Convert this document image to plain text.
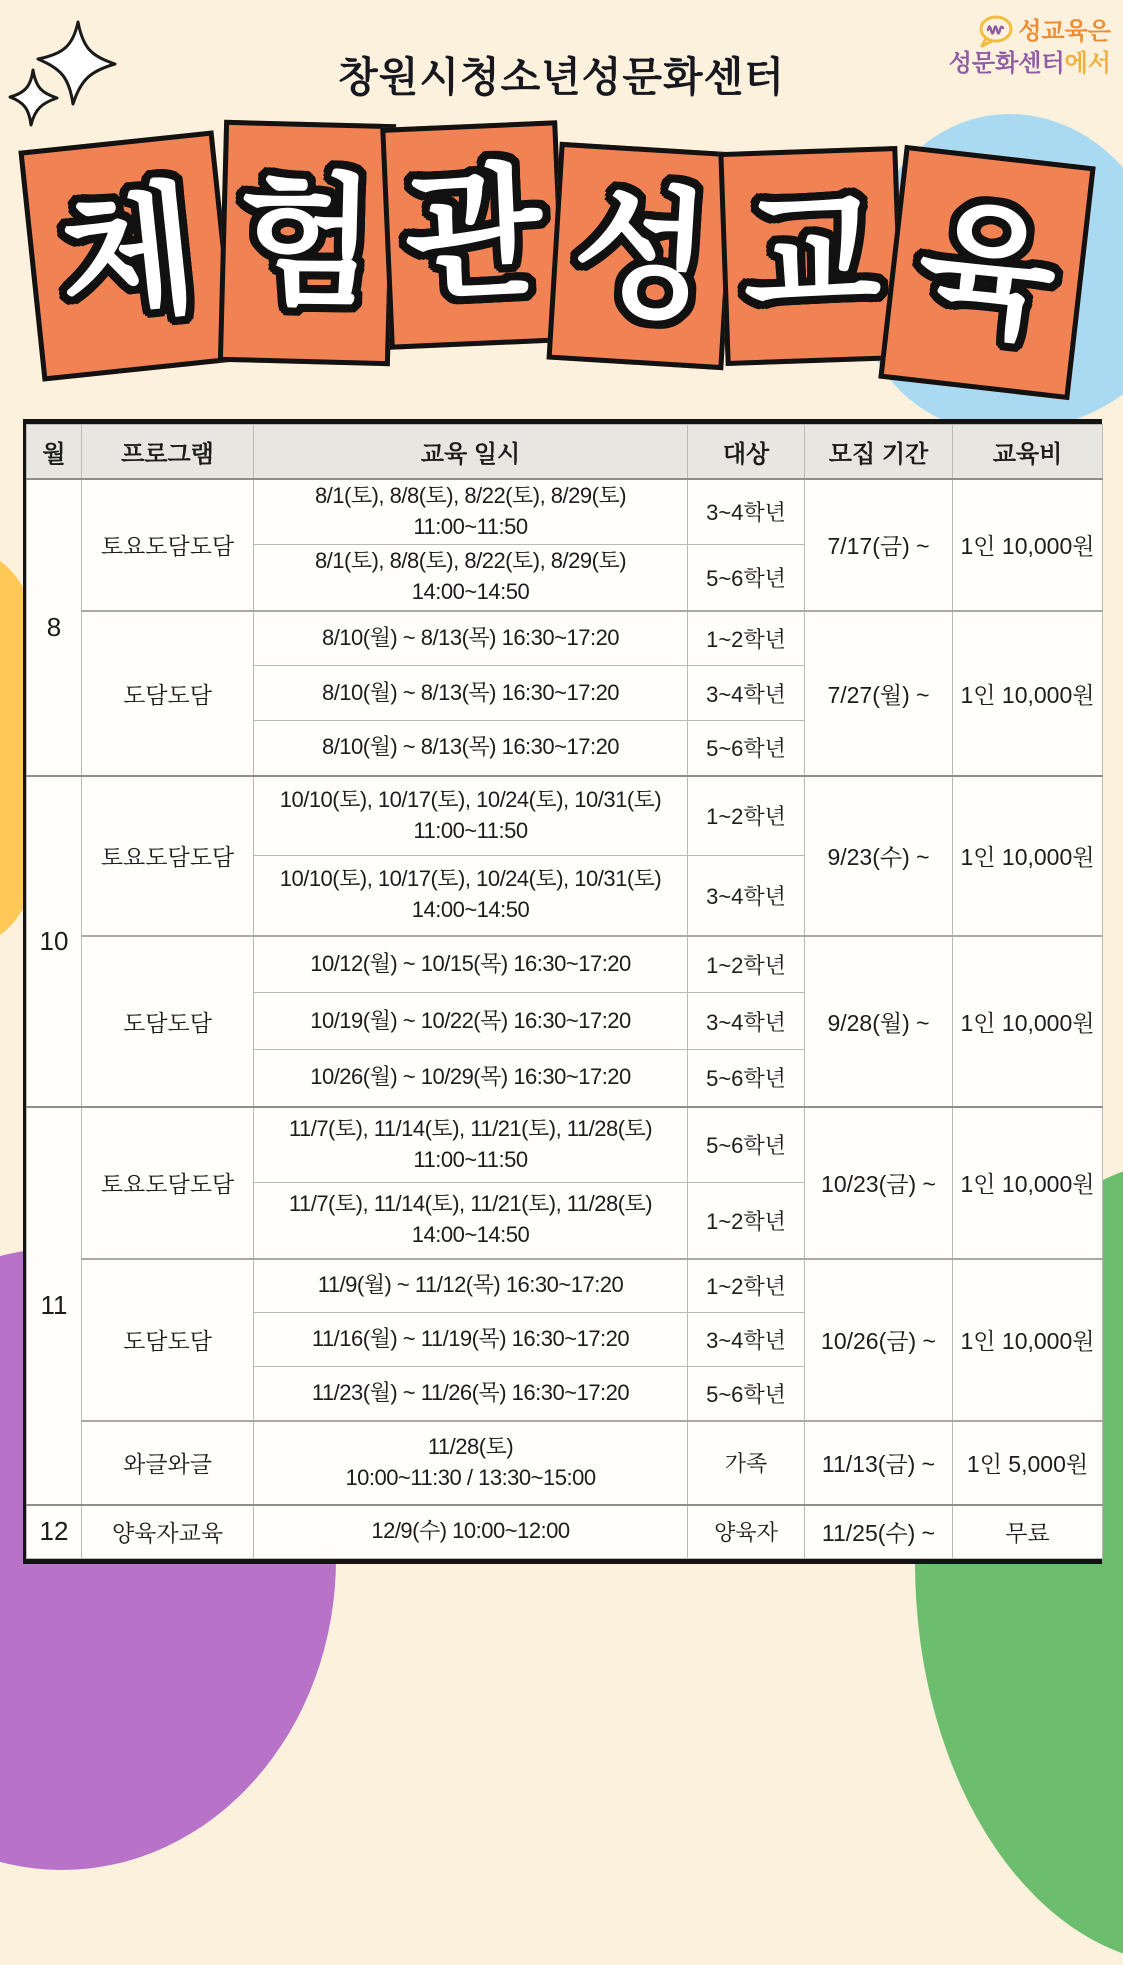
창원시청소년성문화센터
성교육은
성문화센터에서
체 험 관 성 교 육
월	프로그램	교육 일시	대상	모집 기간	교육비
8	토요도담도담	8/1(토), 8/8(토), 8/22(토), 8/29(토)
11:00~11:50	3~4학년	7/17(금) ~	1인 10,000원

		8/1(토), 8/8(토), 8/22(토), 8/29(토)
14:00~14:50	5~6학년		
	도담도담	8/10(월) ~ 8/13(목) 16:30~17:20	1~2학년	7/27(월) ~	1인 10,000원

		8/10(월) ~ 8/13(목) 16:30~17:20	3~4학년		

		8/10(월) ~ 8/13(목) 16:30~17:20	5~6학년		
10	토요도담도담	10/10(토), 10/17(토), 10/24(토), 10/31(토)
11:00~11:50	1~2학년	9/23(수) ~	1인 10,000원

		10/10(토), 10/17(토), 10/24(토), 10/31(토)
14:00~14:50	3~4학년		
	도담도담	10/12(월) ~ 10/15(목) 16:30~17:20	1~2학년	9/28(월) ~	1인 10,000원

		10/19(월) ~ 10/22(목) 16:30~17:20	3~4학년		

		10/26(월) ~ 10/29(목) 16:30~17:20	5~6학년		
11	토요도담도담	11/7(토), 11/14(토), 11/21(토), 11/28(토)
11:00~11:50	5~6학년	10/23(금) ~	1인 10,000원

		11/7(토), 11/14(토), 11/21(토), 11/28(토)
14:00~14:50	1~2학년		
	도담도담	11/9(월) ~ 11/12(목) 16:30~17:20	1~2학년	10/26(금) ~	1인 10,000원

		11/16(월) ~ 11/19(목) 16:30~17:20	3~4학년		

		11/23(월) ~ 11/26(목) 16:30~17:20	5~6학년		
	와글와글	11/28(토)
10:00~11:30 / 13:30~15:00	가족	11/13(금) ~	1인 5,000원
12	양육자교육	12/9(수) 10:00~12:00	양육자	11/25(수) ~	무료
